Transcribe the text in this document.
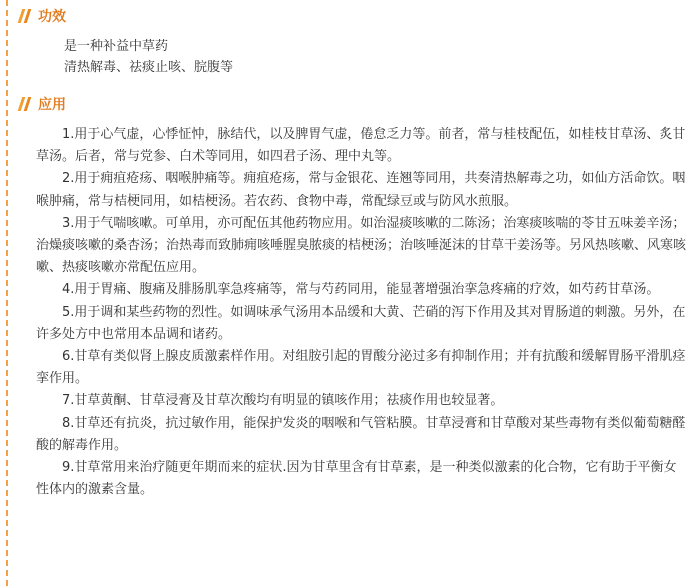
功效
是一种补益中草药
清热解毒、祛痰止咳、脘腹等
应用

1.用于心气虚，心悸怔忡，脉结代，以及脾胃气虚，倦怠乏力等。前者，常与桂枝配伍，如桂枝甘草汤、炙甘草汤。后者，常与党参、白术等同用，如四君子汤、理中丸等。

2.用于痈疽疮疡、咽喉肿痛等。痈疽疮疡，常与金银花、连翘等同用，共奏清热解毒之功，如仙方活命饮。咽喉肿痛，常与桔梗同用，如桔梗汤。若农药、食物中毒，常配绿豆或与防风水煎服。

3.用于气喘咳嗽。可单用，亦可配伍其他药物应用。如治湿痰咳嗽的二陈汤；治寒痰咳喘的苓甘五味姜辛汤；治燥痰咳嗽的桑杏汤；治热毒而致肺痈咳唾腥臭脓痰的桔梗汤；治咳唾涎沫的甘草干姜汤等。另风热咳嗽、风寒咳嗽、热痰咳嗽亦常配伍应用。

4.用于胃痛、腹痛及腓肠肌挛急疼痛等，常与芍药同用，能显著增强治挛急疼痛的疗效，如芍药甘草汤。

5.用于调和某些药物的烈性。如调味承气汤用本品缓和大黄、芒硝的泻下作用及其对胃肠道的刺激。另外，在许多处方中也常用本品调和诸药。

6.甘草有类似肾上腺皮质激素样作用。对组胺引起的胃酸分泌过多有抑制作用；并有抗酸和缓解胃肠平滑肌痉挛作用。

7.甘草黄酮、甘草浸膏及甘草次酸均有明显的镇咳作用；祛痰作用也较显著。

8.甘草还有抗炎，抗过敏作用，能保护发炎的咽喉和气管粘膜。甘草浸膏和甘草酸对某些毒物有类似葡萄糖醛酸的解毒作用。

9.甘草常用来治疗随更年期而来的症状.因为甘草里含有甘草素，是一种类似激素的化合物，它有助于平衡女性体内的激素含量。
